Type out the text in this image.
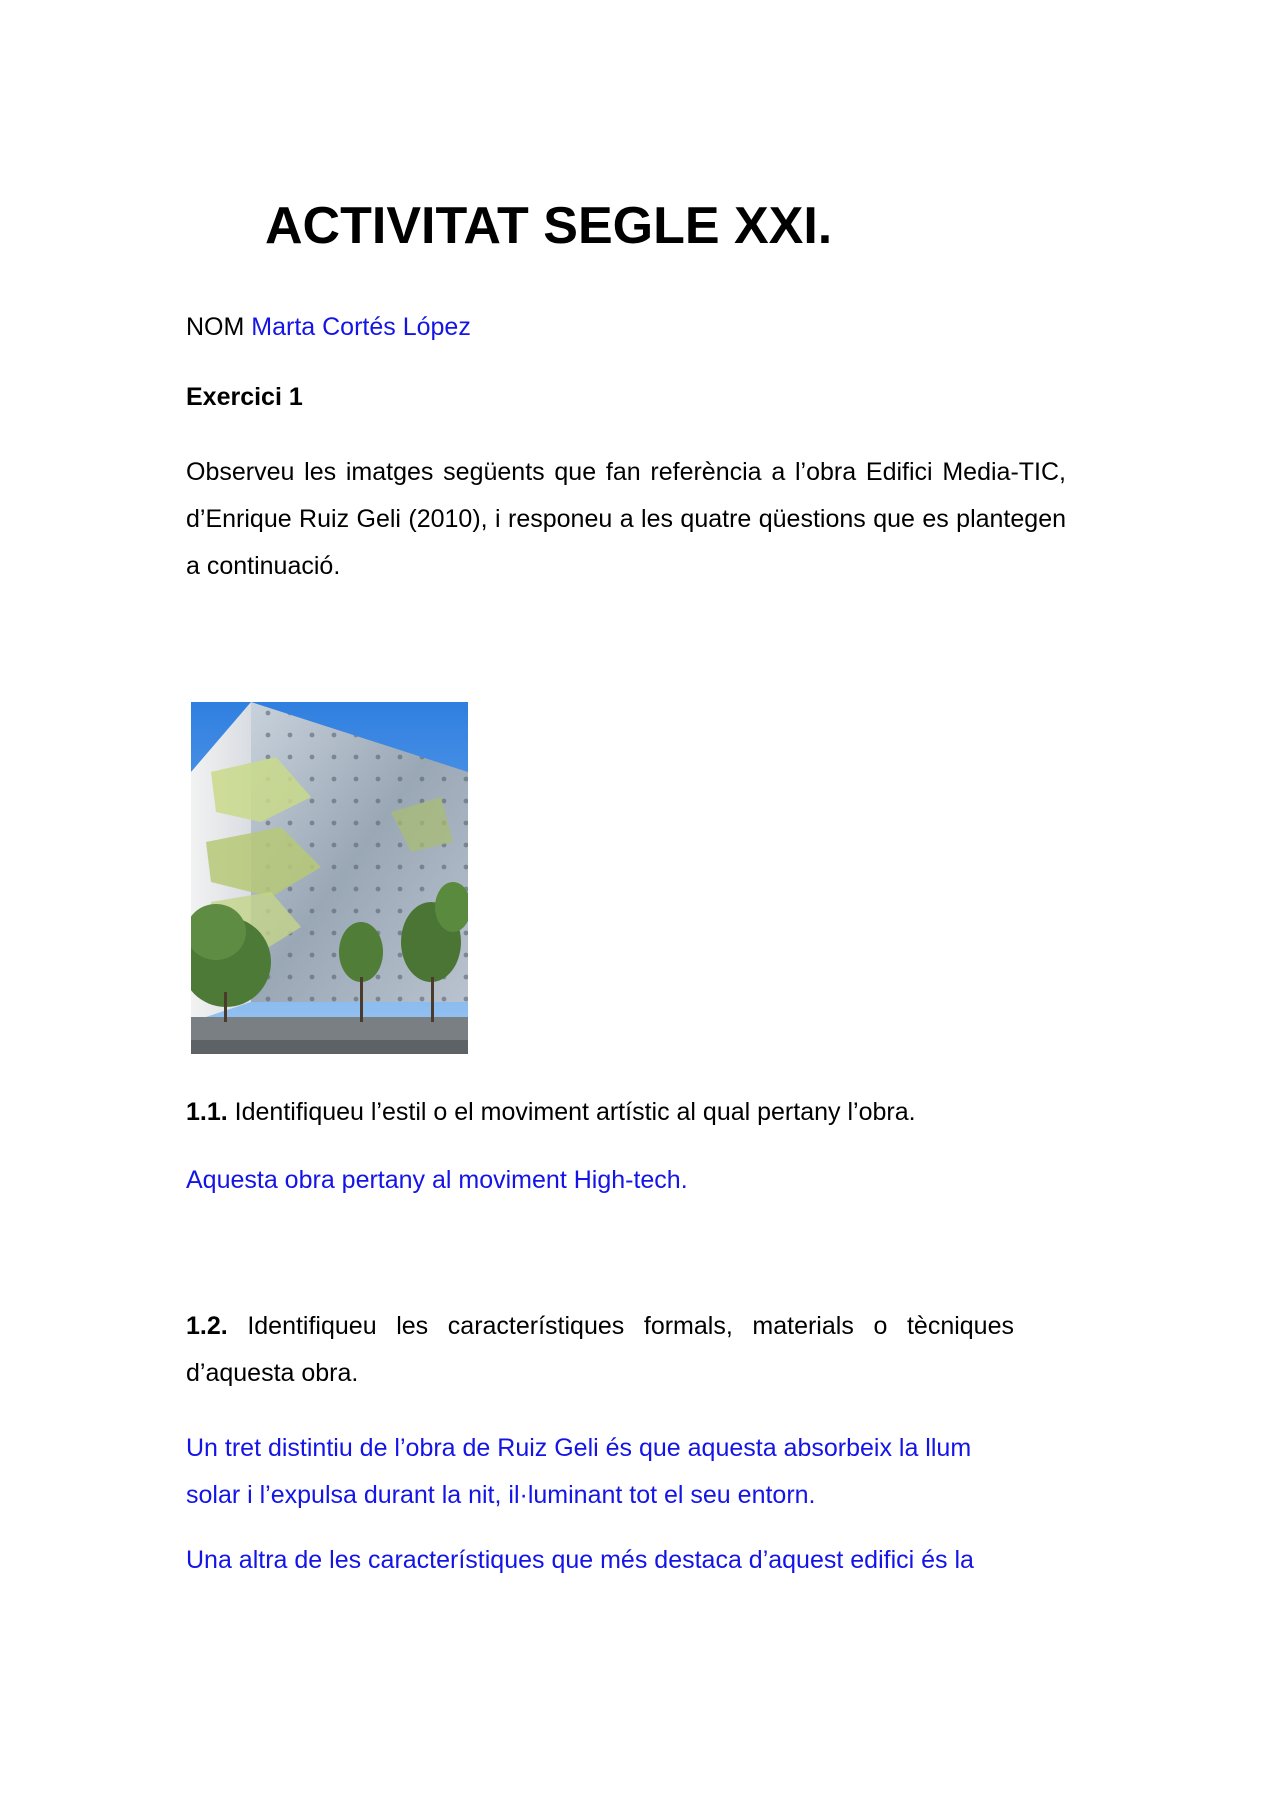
ACTIVITAT SEGLE XXI.
NOM Marta Cortés López
Exercici 1
Observeu les imatges següents que fan referència a l’obra Edifici Media-TIC, d’Enrique Ruiz Geli (2010), i responeu a les quatre qüestions que es plantegen a continuació.
1.1. Identifiqueu l’estil o el moviment artístic al qual pertany l’obra.
Aquesta obra pertany al moviment High-tech.
1.2. Identifiqueu les característiques formals, materials o tècniques d’aquesta obra.
Un tret distintiu de l’obra de Ruiz Geli és que aquesta absorbeix la llum solar i l’expulsa durant la nit, il·luminant tot el seu entorn.
Una altra de les característiques que més destaca d’aquest edifici és la
